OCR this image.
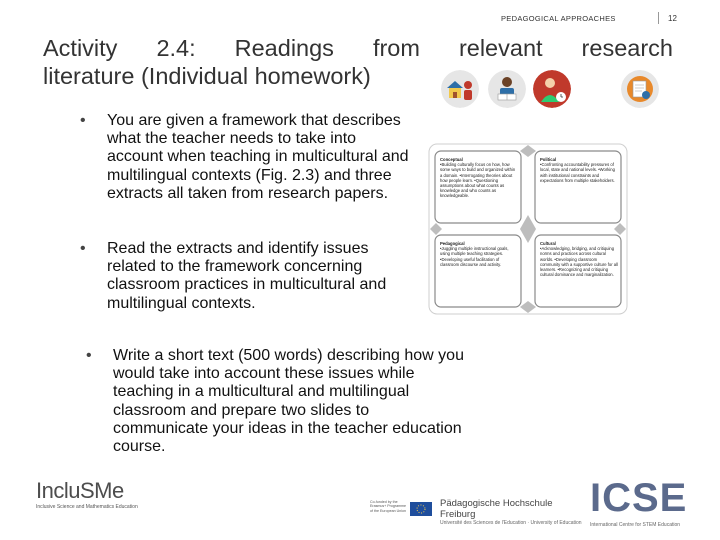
PEDAGOGICAL APPROACHES	12
Activity 2.4: Readings from relevant research
literature (Individual homework)

• You are given a framework that describes what the teacher needs to take into account when teaching in multicultural and multilingual contexts (Fig. 2.3) and three extracts all taken from research papers.

• Read the extracts and identify issues related to the framework concerning classroom practices in multicultural and multilingual contexts.

• Write a short text (500 words) describing how you would take into account these issues while teaching in a multicultural and multilingual classroom and prepare two slides to communicate your ideas in the teacher education course.

Conceptual
•Building culturally focus on how, how some ways to build and organized within a domain. •Interrogating theories about how people learn. •Questioning assumptions about what counts as knowledge and who counts as knowledgeable.
Political
•Confronting accountability pressures of local, state and national levels. •Working with institutional constraints and expectations from multiple stakeholders.
Pedagogical
•Juggling multiple instructional goals, using multiple teaching strategies. •Developing useful facilitation of classroom discourse and activity.
Cultural
•Acknowledging, bridging, and critiquing norms and practices across cultural worlds. •Developing classroom community with a supportive culture for all learners. •Recognizing and critiquing cultural dominance and marginalization.
IncluSMe
Inclusive Science and Mathematics Education
Co-funded by the Erasmus+ Programme of the European Union
Pädagogische Hochschule Freiburg
Université des Sciences de l'Education · University of Education
ICSE
International Centre for STEM Education
